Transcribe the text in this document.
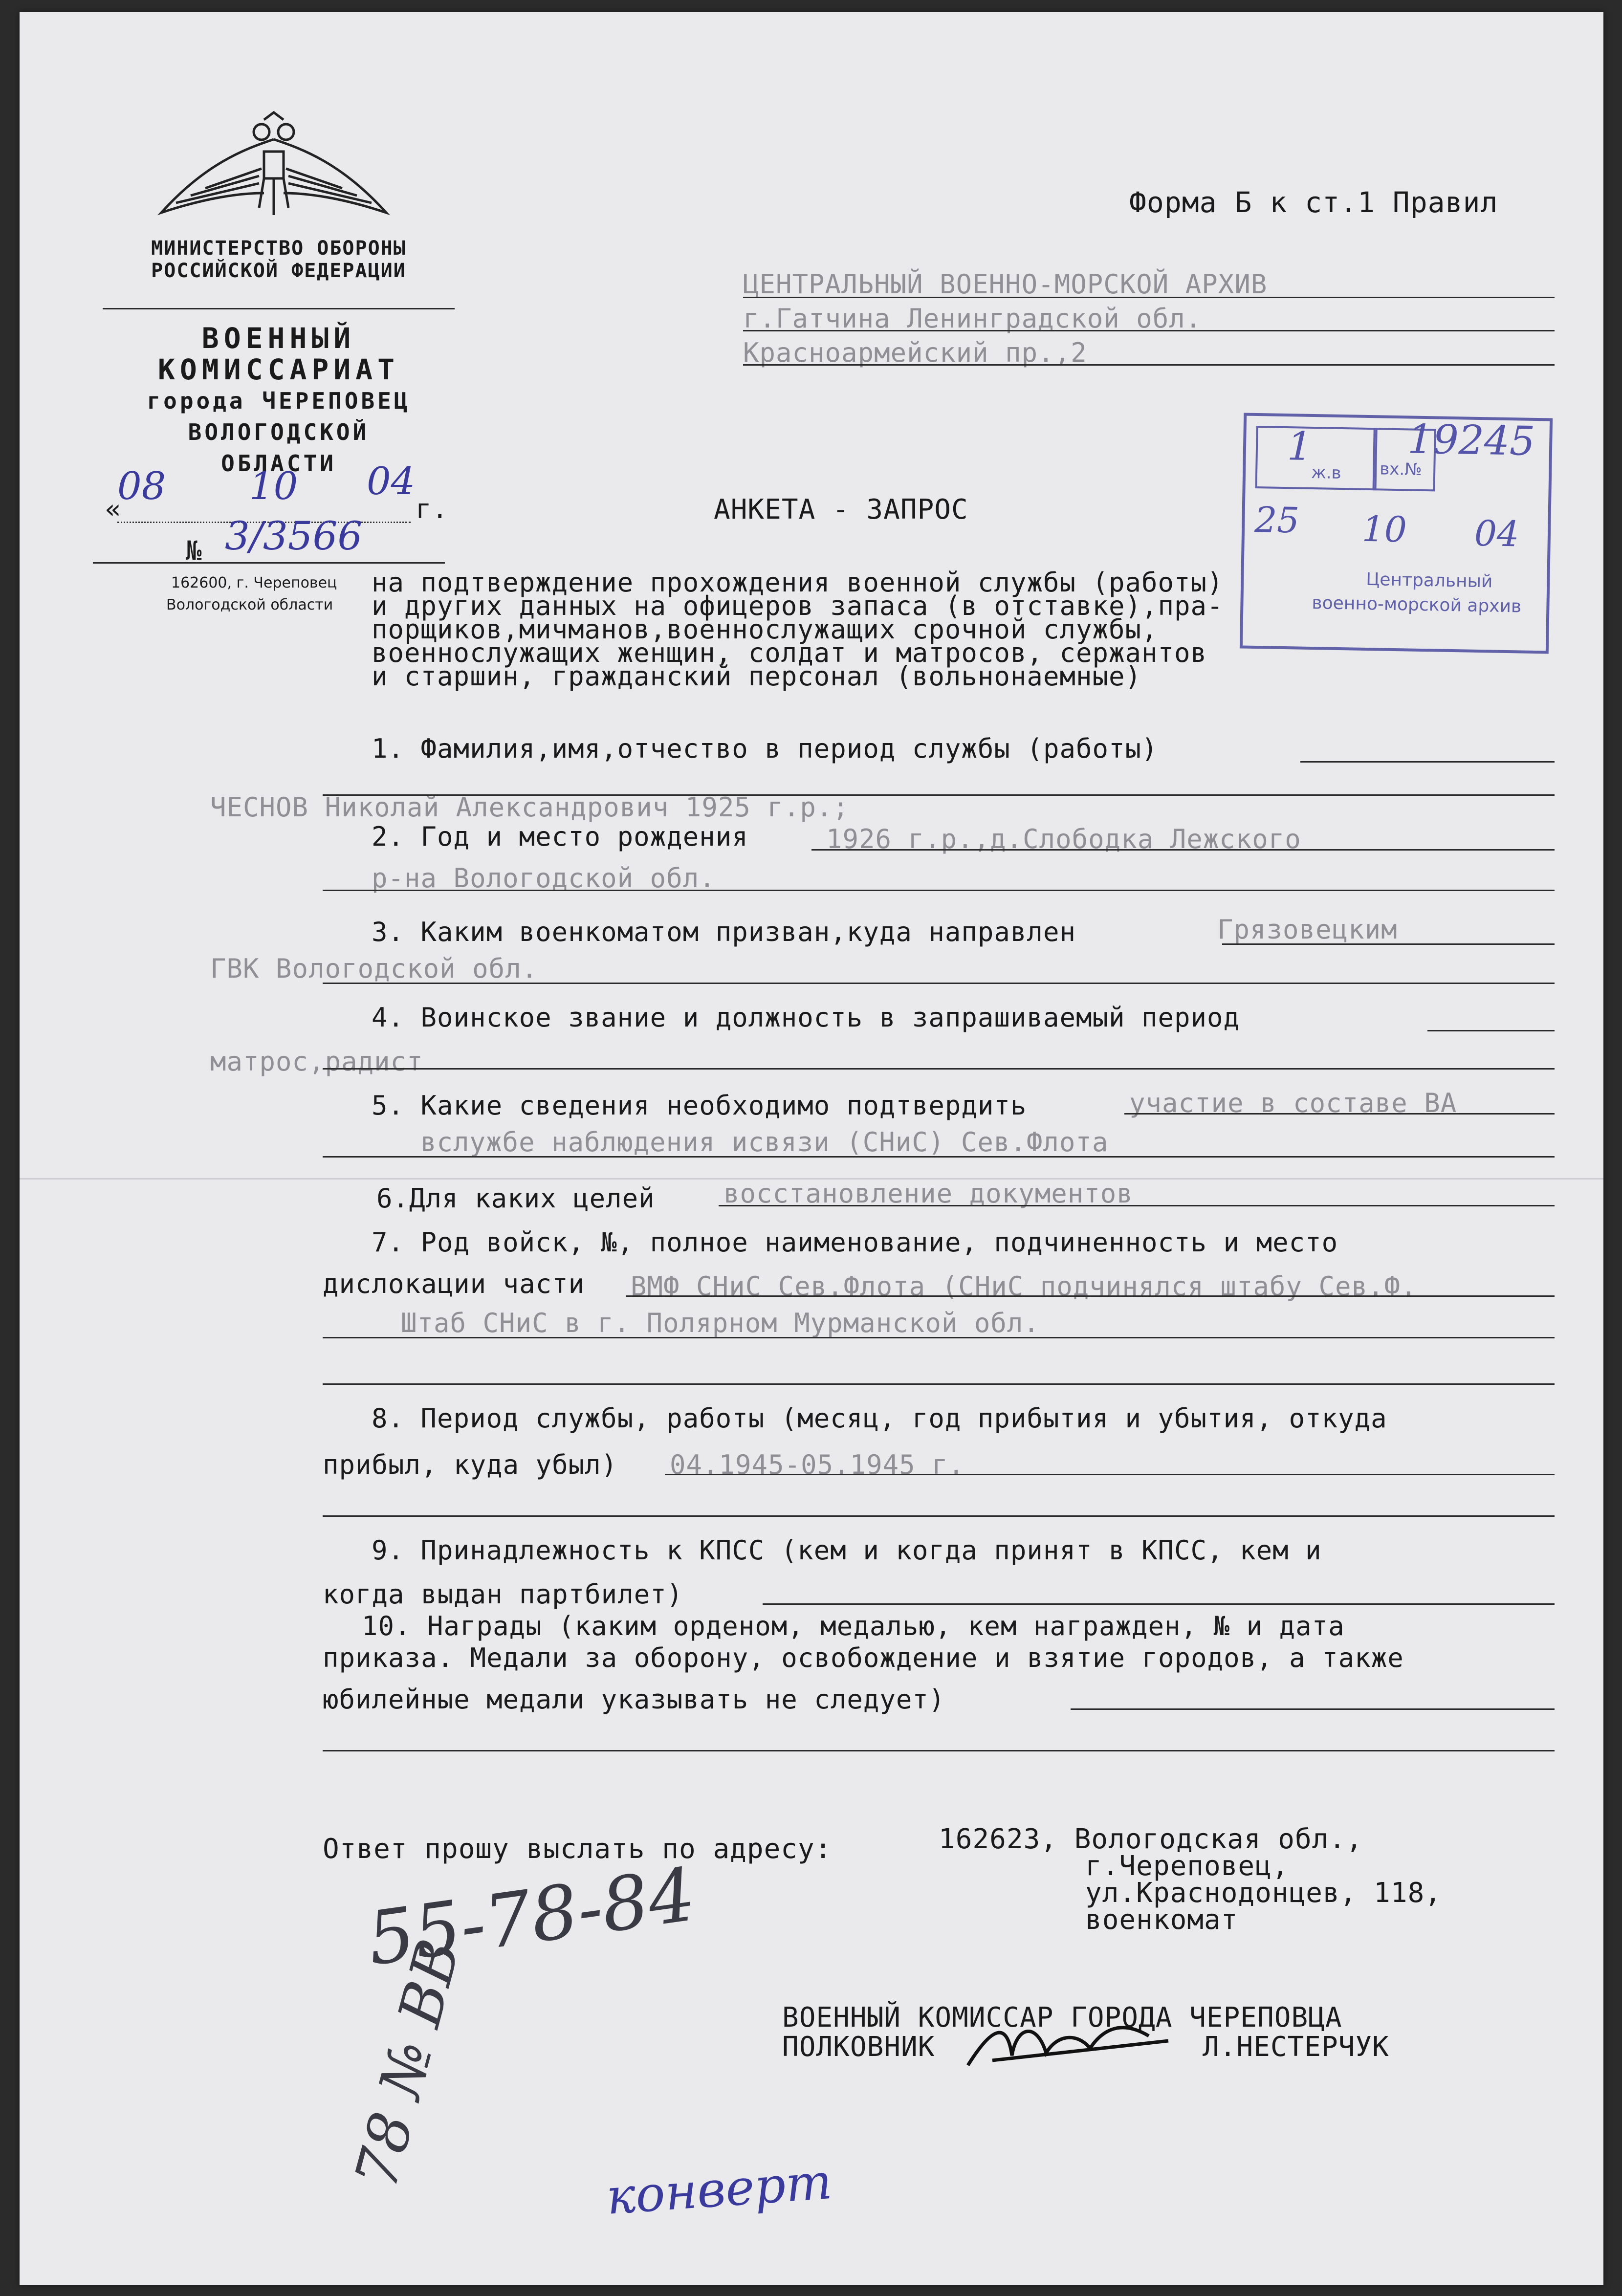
МИНИСТЕРСТВО ОБОРОНЫ
РОССИЙСКОЙ ФЕДЕРАЦИИ
ВОЕННЫЙ
КОМИССАРИАТ
города ЧЕРЕПОВЕЦ
ВОЛОГОДСКОЙ
ОБЛАСТИ
«
08 10 04
г.
№ 3/3566
162600, г. Череповец
Вологодской области
Форма Б к ст.1 Правил
ЦЕНТРАЛЬНЫЙ ВОЕННО-МОРСКОЙ АРХИВ
г.Гатчина Ленинградской обл.
Красноармейский пр.,2
1
ж.в вх.№
19245
25 10 04
Центральный
военно-морской архив
АНКЕТА - ЗАПРОС
на подтверждение прохождения военной службы (работы)
и других данных на офицеров запаса (в отставке),пра-
порщиков,мичманов,военнослужащих срочной службы,
военнослужащих женщин, солдат и матросов, сержантов
и старшин, гражданский персонал (вольнонаемные)
1. Фамилия,имя,отчество в период службы (работы)
ЧЕСНОВ Николай Александрович 1925 г.р.;
2. Год и место рождения	1926 г.р.,д.Слободка Лежского
р-на Вологодской обл.
3. Каким военкоматом призван,куда направлен	Грязовецким
ГВК Вологодской обл.
4. Воинское звание и должность в запрашиваемый период
матрос,радист
5. Какие сведения необходимо подтвердить	участие в составе ВА
вслужбе наблюдения исвязи (СНиС) Сев.Флота
6.Для каких целей	восстановление документов
7. Род войск, №, полное наименование, подчиненность и место
дислокации части ВМФ СНиС Сев.Флота (СНиС подчинялся штабу Сев.Ф.
Штаб СНиС в г. Полярном Мурманской обл.
8. Период службы, работы (месяц, год прибытия и убытия, откуда
прибыл, куда убыл) 04.1945-05.1945 г.
9. Принадлежность к КПСС (кем и когда принят в КПСС, кем и
когда выдан партбилет)
10. Награды (каким орденом, медалью, кем награжден, № и дата
приказа. Медали за оборону, освобождение и взятие городов, а также
юбилейные медали указывать не следует)
Ответ прошу выслать по адресу:	162623, Вологодская обл.,
г.Череповец,
ул.Краснодонцев, 118,
военкомат
ВОЕННЫЙ КОМИССАР ГОРОДА ЧЕРЕПОВЦА
ПОЛКОВНИК	Л.НЕСТЕРЧУК
55-78-84
78 № ВВ	конверт
